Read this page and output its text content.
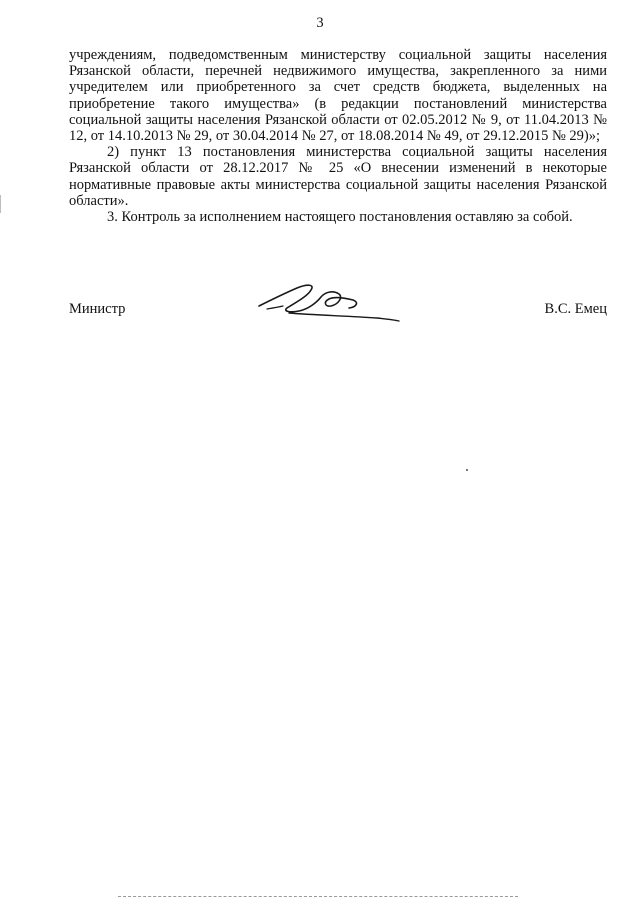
3

учреждениям, подведомственным министерству социальной защиты населения Рязанской области, перечней недвижимого имущества, закрепленного за ними учредителем или приобретенного за счет средств бюджета, выделенных на приобретение такого имущества» (в редакции постановлений министерства социальной защиты населения Рязанской области от 02.05.2012 № 9, от 11.04.2013 № 12, от 14.10.2013 № 29, от 30.04.2014 № 27, от 18.08.2014 № 49, от 29.12.2015 № 29)»;

2) пункт 13 постановления министерства социальной защиты населения Рязанской области от 28.12.2017 № 25 «О внесении изменений в некоторые нормативные правовые акты министерства социальной защиты населения Рязанской области».

3. Контроль за исполнением настоящего постановления оставляю за собой.

Министр	В.С. Емец
